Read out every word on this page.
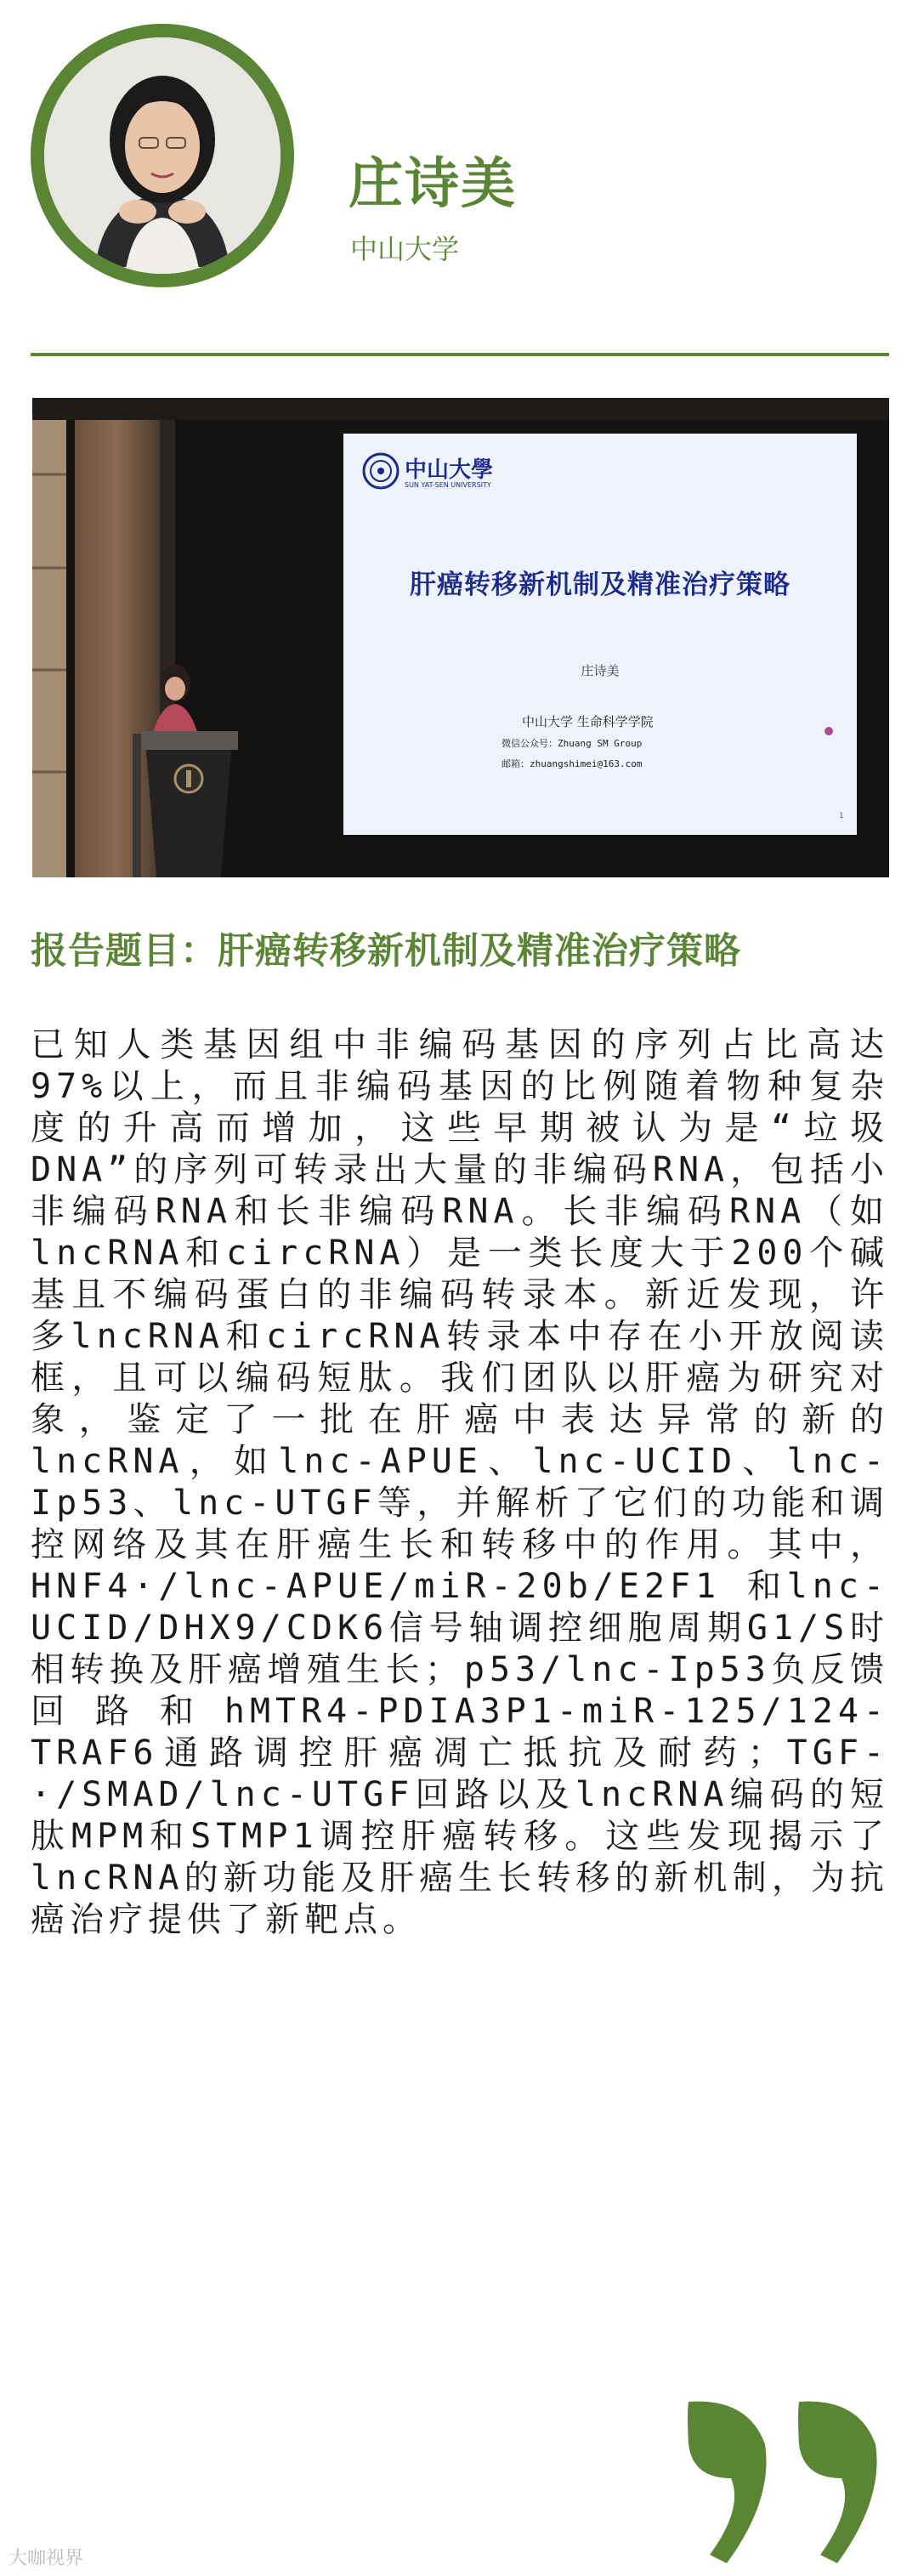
庄诗美
中山大学
中山大學
SUN YAT-SEN UNIVERSITY
肝癌转移新机制及精准治疗策略
庄诗美
中山大学 生命科学学院
微信公众号：Zhuang SM Group
邮箱：zhuangshimei@163.com
1
报告题目：肝癌转移新机制及精准治疗策略

已知人类基因组中非编码基因的序列占比高达97%以上，而且非编码基因的比例随着物种复杂度的升高而增加，这些早期被认为是“垃圾DNA”的序列可转录出大量的非编码RNA，包括小非编码RNA和长非编码RNA。长非编码RNA（如lncRNA和circRNA）是一类长度大于200个碱基且不编码蛋白的非编码转录本。新近发现，许多lncRNA和circRNA转录本中存在小开放阅读框，且可以编码短肽。我们团队以肝癌为研究对象，鉴定了一批在肝癌中表达异常的新的lncRNA，如lnc-APUE、lnc-UCID、lnc-Ip53、lnc-UTGF等，并解析了它们的功能和调控网络及其在肝癌生长和转移中的作用。其中，HNF4·/lnc-APUE/miR-20b/E2F1 和lnc-UCID/DHX9/CDK6信号轴调控细胞周期G1/S时相转换及肝癌增殖生长；p53/lnc-Ip53负反馈回路和hMTR4-PDIA3P1-miR-125/124-TRAF6通路调控肝癌凋亡抵抗及耐药；TGF-·/SMAD/lnc-UTGF回路以及lncRNA编码的短肽MPM和STMP1调控肝癌转移。这些发现揭示了lncRNA的新功能及肝癌生长转移的新机制，为抗癌治疗提供了新靶点。

大咖视界
